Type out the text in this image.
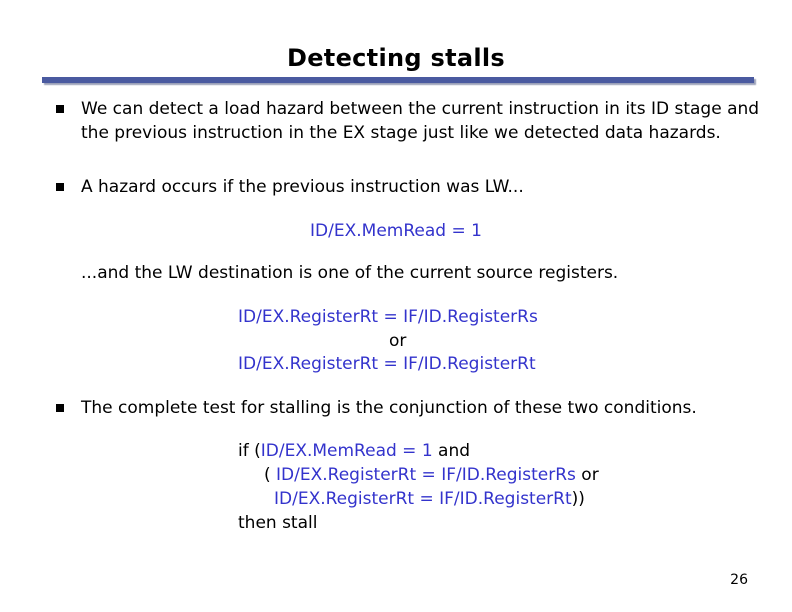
Detecting stalls
We can detect a load hazard between the current instruction in its ID stage and the previous instruction in the EX stage just like we detected data hazards.
A hazard occurs if the previous instruction was LW...
ID/EX.MemRead = 1
...and the LW destination is one of the current source registers.
ID/EX.RegisterRt = IF/ID.RegisterRs
or
ID/EX.RegisterRt = IF/ID.RegisterRt
The complete test for stalling is the conjunction of these two conditions.
if (ID/EX.MemRead = 1 and
( ID/EX.RegisterRt = IF/ID.RegisterRs or
ID/EX.RegisterRt = IF/ID.RegisterRt))
then stall
26
